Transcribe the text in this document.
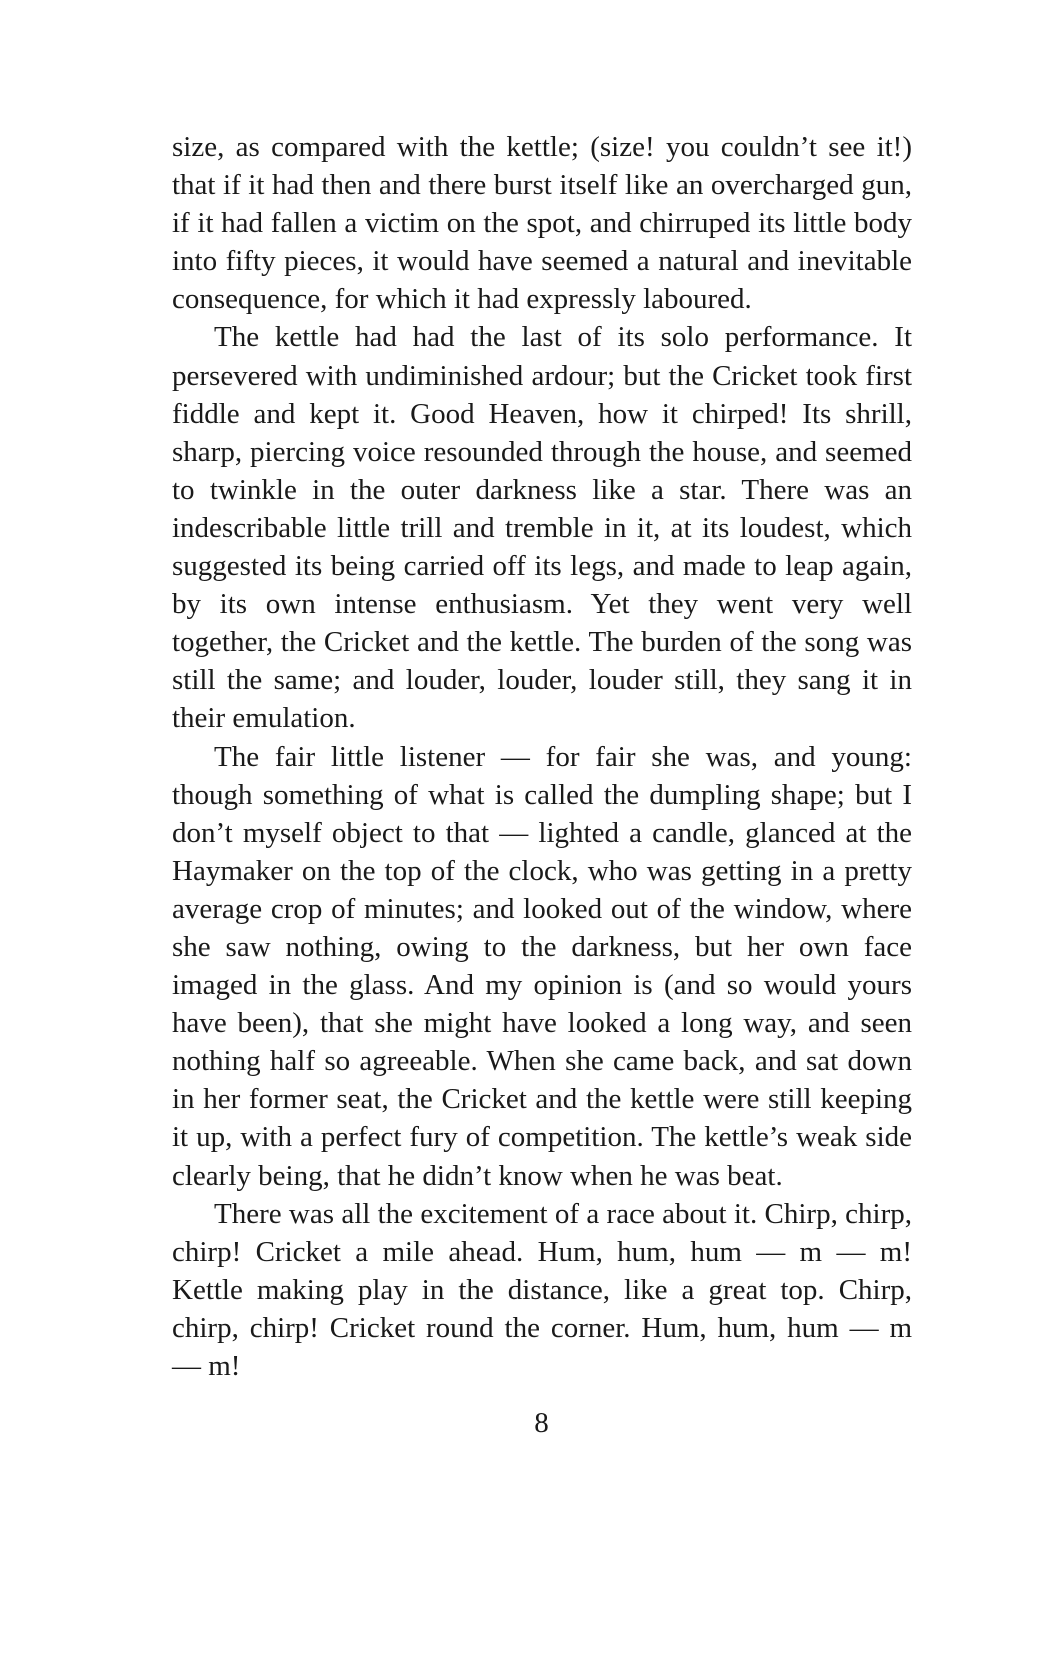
size, as compared with the kettle; (size! you couldn’t see it!) that if it had then and there burst itself like an overcharged gun, if it had fallen a victim on the spot, and chirruped its little body into fifty pieces, it would have seemed a natural and inevitable consequence, for which it had expressly laboured.

The kettle had had the last of its solo performance. It persevered with undiminished ardour; but the Cricket took first fiddle and kept it. Good Heaven, how it chirped! Its shrill, sharp, piercing voice resounded through the house, and seemed to twinkle in the outer darkness like a star. There was an indescribable little trill and tremble in it, at its loudest, which suggested its being carried off its legs, and made to leap again, by its own intense enthusiasm. Yet they went very well together, the Cricket and the kettle. The burden of the song was still the same; and louder, louder, louder still, they sang it in their emulation.

The fair little listener — for fair she was, and young: though something of what is called the dumpling shape; but I don’t myself object to that — lighted a candle, glanced at the Haymaker on the top of the clock, who was getting in a pretty average crop of minutes; and looked out of the window, where she saw nothing, owing to the darkness, but her own face imaged in the glass. And my opinion is (and so would yours have been), that she might have looked a long way, and seen nothing half so agreeable. When she came back, and sat down in her former seat, the Cricket and the kettle were still keeping it up, with a perfect fury of competition. The kettle’s weak side clearly being, that he didn’t know when he was beat.

There was all the excitement of a race about it. Chirp, chirp, chirp! Cricket a mile ahead. Hum, hum, hum — m — m! Kettle making play in the distance, like a great top. Chirp, chirp, chirp! Cricket round the corner. Hum, hum, hum — m — m!

8
